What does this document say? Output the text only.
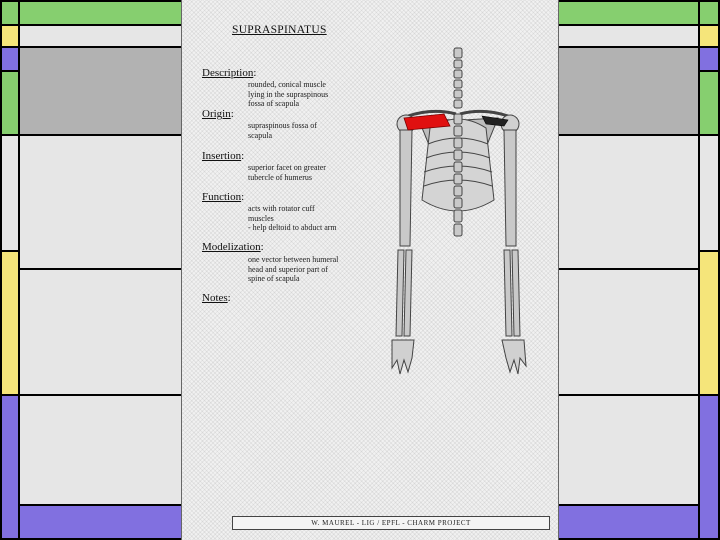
SUPRASPINATUS
Description:
rounded, conical muscle
lying in the supraspinous
fossa of scapula
Origin:
supraspinous fossa of
scapula
Insertion:
superior facet on greater
tubercle of humerus
Function:
acts with rotator cuff
muscles
- help deltoid to abduct arm
Modelization:
one vector between humeral
head and superior part of
spine of scapula
Notes:
W. MAUREL - LIG / EPFL - CHARM PROJECT
